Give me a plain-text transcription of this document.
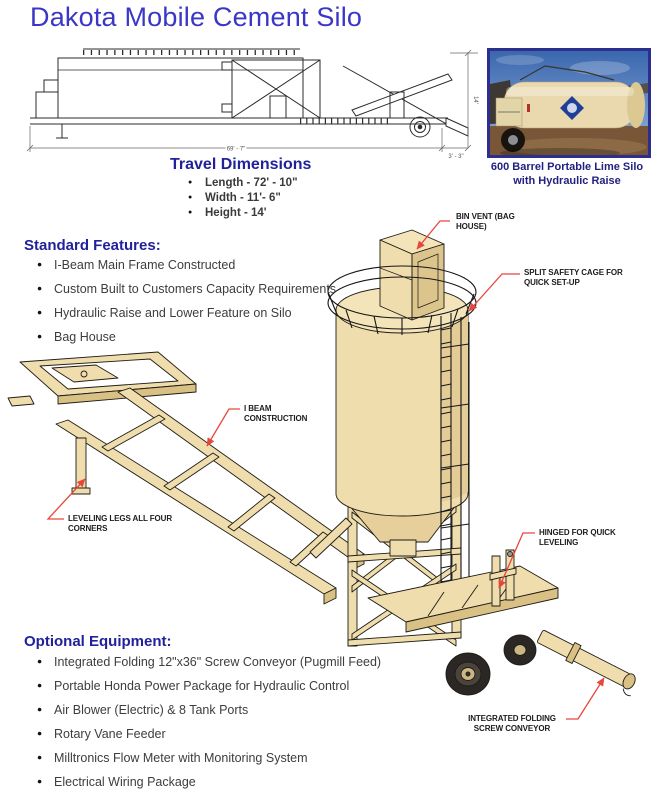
69' - 7"
3' - 3"
14'
Dakota Mobile Cement Silo
600 Barrel Portable Lime Silo
with Hydraulic Raise
Travel Dimensions
● Length - 72' - 10"
● Width - 11'- 6"
● Height - 14'
Standard Features:
● I-Beam Main Frame Constructed
● Custom Built to Customers Capacity Requirements
● Hydraulic Raise and Lower Feature on Silo
● Bag House
Optional Equipment:
● Integrated Folding 12"x36" Screw Conveyor (Pugmill Feed)
● Portable Honda Power Package for Hydraulic Control
● Air Blower (Electric) & 8 Tank Ports
● Rotary Vane Feeder
● Milltronics Flow Meter with Monitoring System
● Electrical Wiring Package
BIN VENT (BAG HOUSE)
SPLIT SAFETY CAGE FOR QUICK SET-UP
I BEAM CONSTRUCTION
LEVELING LEGS ALL FOUR CORNERS	HINGED FOR QUICK LEVELING
INTEGRATED FOLDING SCREW CONVEYOR
